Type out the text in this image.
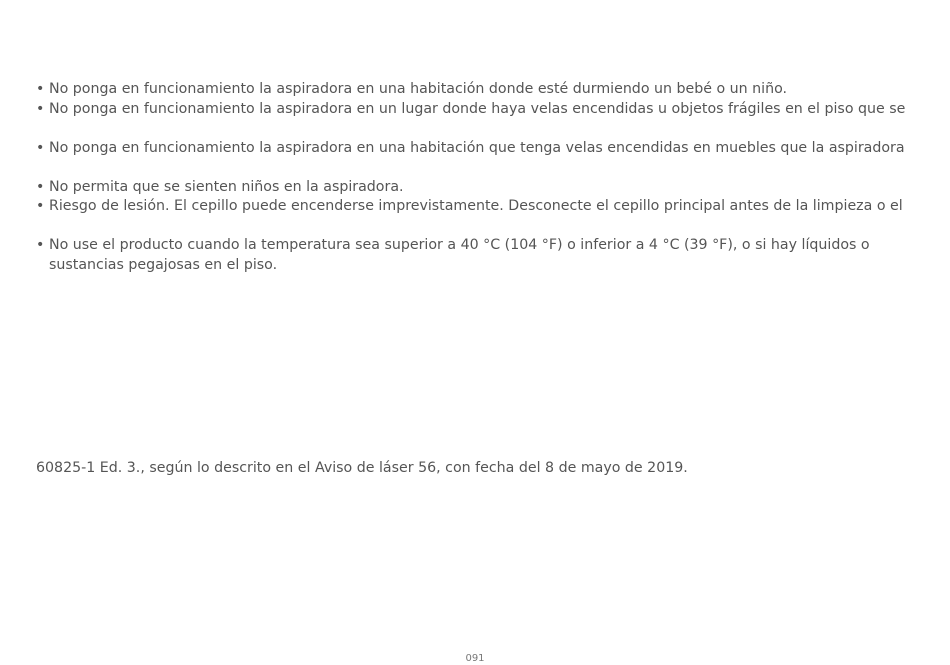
• No ponga en funcionamiento la aspiradora en una habitación donde esté durmiendo un bebé o un niño.
• No ponga en funcionamiento la aspiradora en un lugar donde haya velas encendidas u objetos frágiles en el piso que se
• No ponga en funcionamiento la aspiradora en una habitación que tenga velas encendidas en muebles que la aspiradora
• No permita que se sienten niños en la aspiradora.
• Riesgo de lesión. El cepillo puede encenderse imprevistamente. Desconecte el cepillo principal antes de la limpieza o el
• No use el producto cuando la temperatura sea superior a 40 °C (104 °F) o inferior a 4 °C (39 °F), o si hay líquidos o sustancias pegajosas en el piso.
60825-1 Ed. 3., según lo descrito en el Aviso de láser 56, con fecha del 8 de mayo de 2019.
091
